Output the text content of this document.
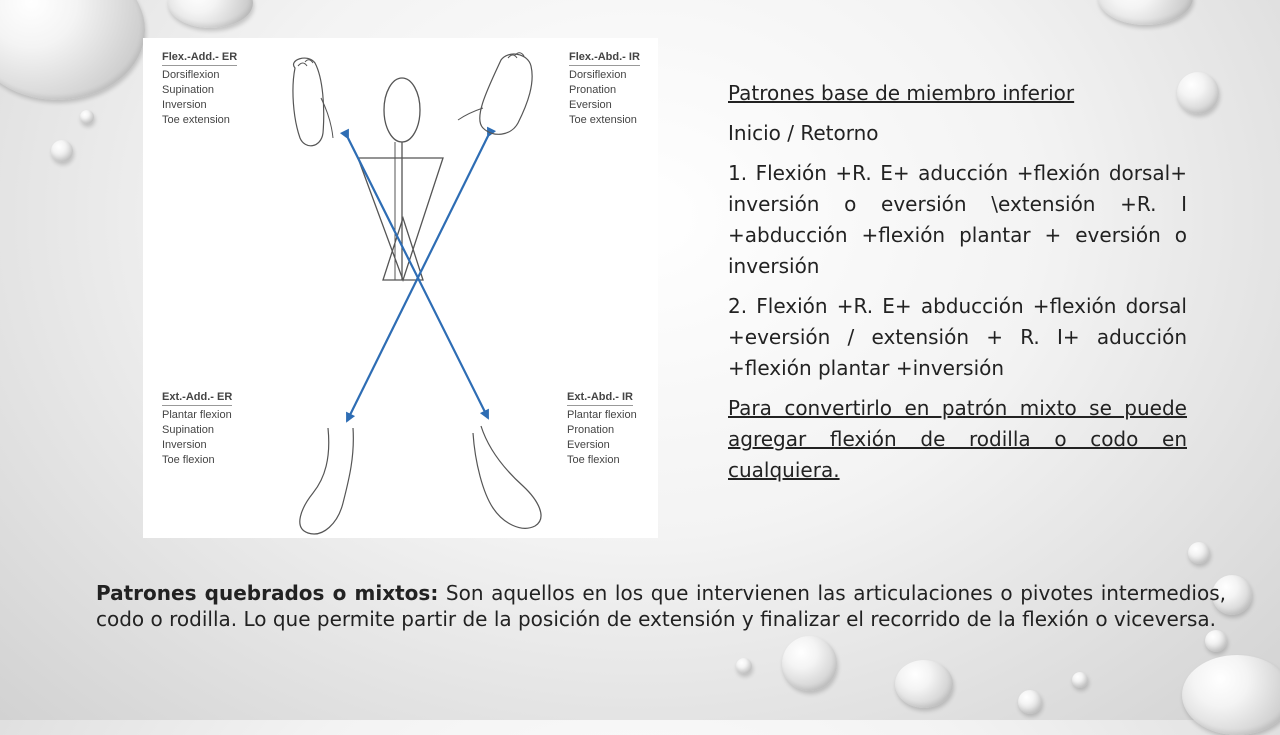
Flex.-Add.- ER
Dorsiflexion
Supination
Inversion
Toe extension
Flex.-Abd.- IR
Dorsiflexion
Pronation
Eversion
Toe extension
Ext.-Add.- ER
Plantar flexion
Supination
Inversion
Toe flexion
Ext.-Abd.- IR
Plantar flexion
Pronation
Eversion
Toe flexion

Patrones base de miembro inferior

Inicio / Retorno

1. Flexión +R. E+ aducción +flexión dorsal+ inversión o eversión \extensión +R. I +abducción +flexión plantar + eversión o inversión

2. Flexión +R. E+ abducción +flexión dorsal +eversión / extensión + R. I+ aducción +flexión plantar +inversión

Para convertirlo en patrón mixto se puede agregar flexión de rodilla o codo en cualquiera.

Patrones quebrados o mixtos: Son aquellos en los que intervienen las articulaciones o pivotes intermedios, codo o rodilla. Lo que permite partir de la posición de extensión y finalizar el recorrido de la flexión o viceversa.
